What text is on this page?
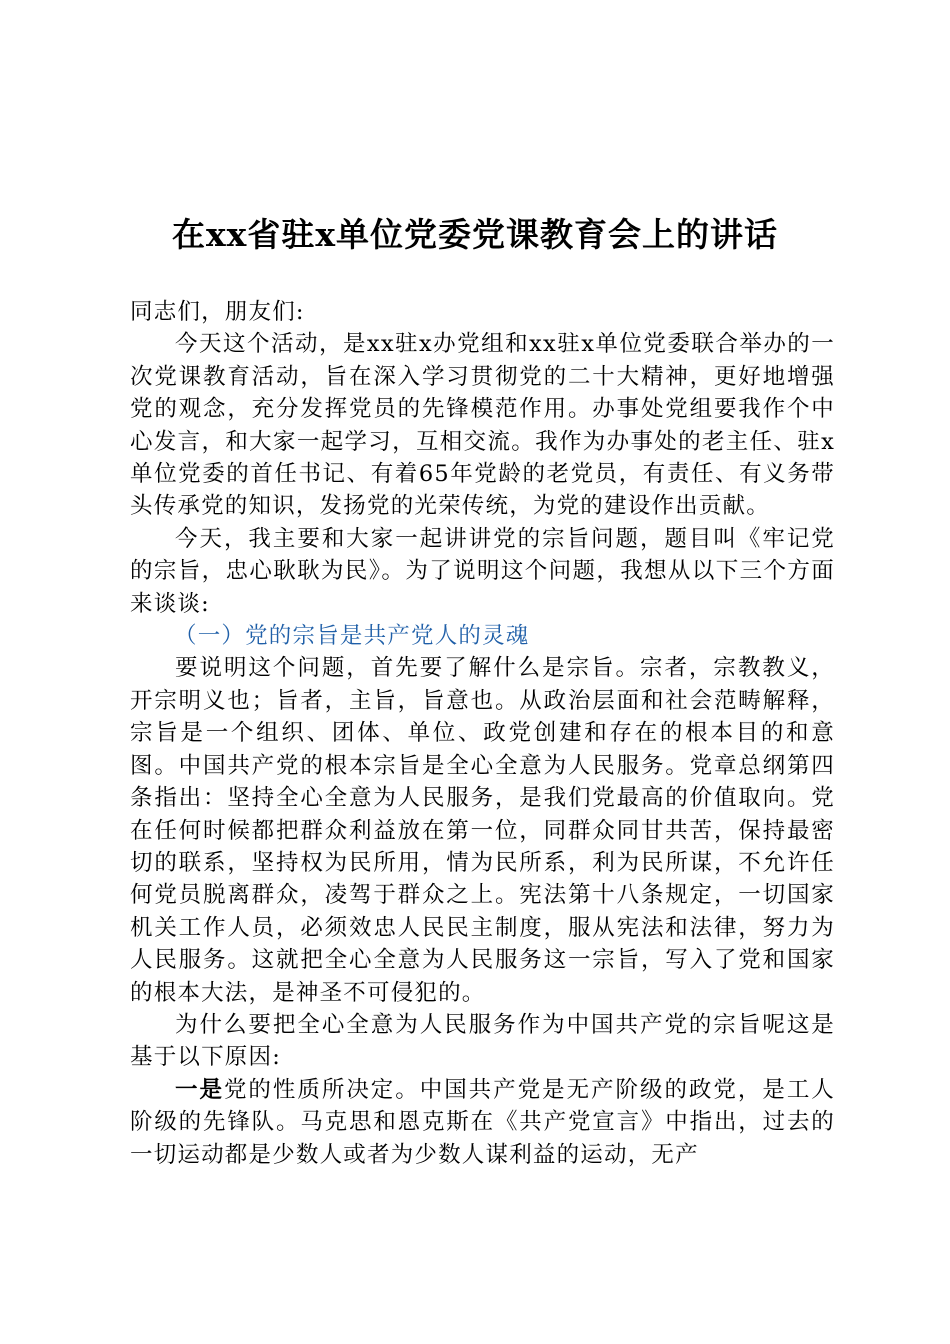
在xx省驻x单位党委党课教育会上的讲话

同志们，朋友们:

今天这个活动，是xx驻x办党组和xx驻x单位党委联合举办的一次党课教育活动，旨在深入学习贯彻党的二十大精神，更好地增强党的观念，充分发挥党员的先锋模范作用。办事处党组要我作个中心发言，和大家一起学习，互相交流。我作为办事处的老主任、驻x单位党委的首任书记、有着65年党龄的老党员，有责任、有义务带头传承党的知识，发扬党的光荣传统，为党的建设作出贡献。

今天，我主要和大家一起讲讲党的宗旨问题，题目叫《牢记党的宗旨，忠心耿耿为民》。为了说明这个问题，我想从以下三个方面来谈谈:

（一）党的宗旨是共产党人的灵魂

要说明这个问题，首先要了解什么是宗旨。宗者，宗教教义，开宗明义也；旨者，主旨，旨意也。从政治层面和社会范畴解释，宗旨是一个组织、团体、单位、政党创建和存在的根本目的和意图。中国共产党的根本宗旨是全心全意为人民服务。党章总纲第四条指出：坚持全心全意为人民服务，是我们党最高的价值取向。党在任何时候都把群众利益放在第一位，同群众同甘共苦，保持最密切的联系，坚持权为民所用，情为民所系，利为民所谋，不允许任何党员脱离群众，凌驾于群众之上。宪法第十八条规定，一切国家机关工作人员，必须效忠人民民主制度，服从宪法和法律，努力为人民服务。这就把全心全意为人民服务这一宗旨，写入了党和国家的根本大法，是神圣不可侵犯的。

为什么要把全心全意为人民服务作为中国共产党的宗旨呢这是基于以下原因:

一是党的性质所决定。中国共产党是无产阶级的政党，是工人阶级的先锋队。马克思和恩克斯在《共产党宣言》中指出，过去的一切运动都是少数人或者为少数人谋利益的运动，无产
